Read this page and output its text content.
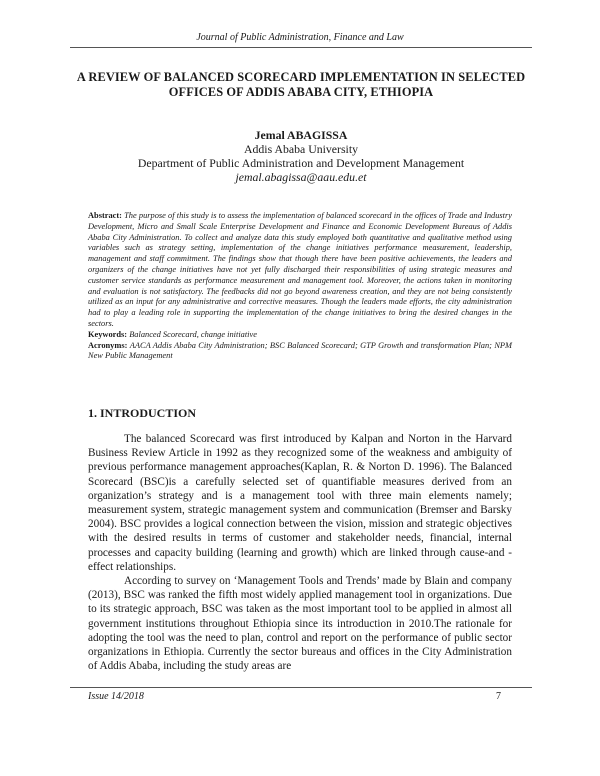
Journal of Public Administration, Finance and Law
A REVIEW OF BALANCED SCORECARD IMPLEMENTATION IN SELECTED OFFICES OF ADDIS ABABA CITY, ETHIOPIA
Jemal ABAGISSA
Addis Ababa University
Department of Public Administration and Development Management
jemal.abagissa@aau.edu.et

Abstract: The purpose of this study is to assess the implementation of balanced scorecard in the offices of Trade and Industry Development, Micro and Small Scale Enterprise Development and Finance and Economic Development Bureaus of Addis Ababa City Administration. To collect and analyze data this study employed both quantitative and qualitative method using variables such as strategy setting, implementation of the change initiatives performance measurement, leadership, management and staff commitment. The findings show that though there have been positive achievements, the leaders and organizers of the change initiatives have not yet fully discharged their responsibilities of using strategic measures and customer service standards as performance measurement and management tool. Moreover, the actions taken in monitoring and evaluation is not satisfactory. The feedbacks did not go beyond awareness creation, and they are not being consistently utilized as an input for any administrative and corrective measures. Though the leaders made efforts, the city administration had to play a leading role in supporting the implementation of the change initiatives to bring the desired changes in the sectors.

Keywords: Balanced Scorecard, change initiative

Acronyms: AACA Addis Ababa City Administration; BSC Balanced Scorecard; GTP Growth and transformation Plan; NPM New Public Management

1. INTRODUCTION

The balanced Scorecard was first introduced by Kalpan and Norton in the Harvard Business Review Article in 1992 as they recognized some of the weakness and ambiguity of previous performance management approaches(Kaplan, R. & Norton D. 1996). The Balanced Scorecard (BSC)is a carefully selected set of quantifiable measures derived from an organization’s strategy and is a management tool with three main elements namely; measurement system, strategic management system and communication (Bremser and Barsky 2004). BSC provides a logical connection between the vision, mission and strategic objectives with the desired results in terms of customer and stakeholder needs, financial, internal processes and capacity building (learning and growth) which are linked through cause-and -effect relationships.

According to survey on ‘Management Tools and Trends’ made by Blain and company (2013), BSC was ranked the fifth most widely applied management tool in organizations. Due to its strategic approach, BSC was taken as the most important tool to be applied in almost all government institutions throughout Ethiopia since its introduction in 2010.The rationale for adopting the tool was the need to plan, control and report on the performance of public sector organizations in Ethiopia. Currently the sector bureaus and offices in the City Administration of Addis Ababa, including the study areas are

Issue 14/2018	7
